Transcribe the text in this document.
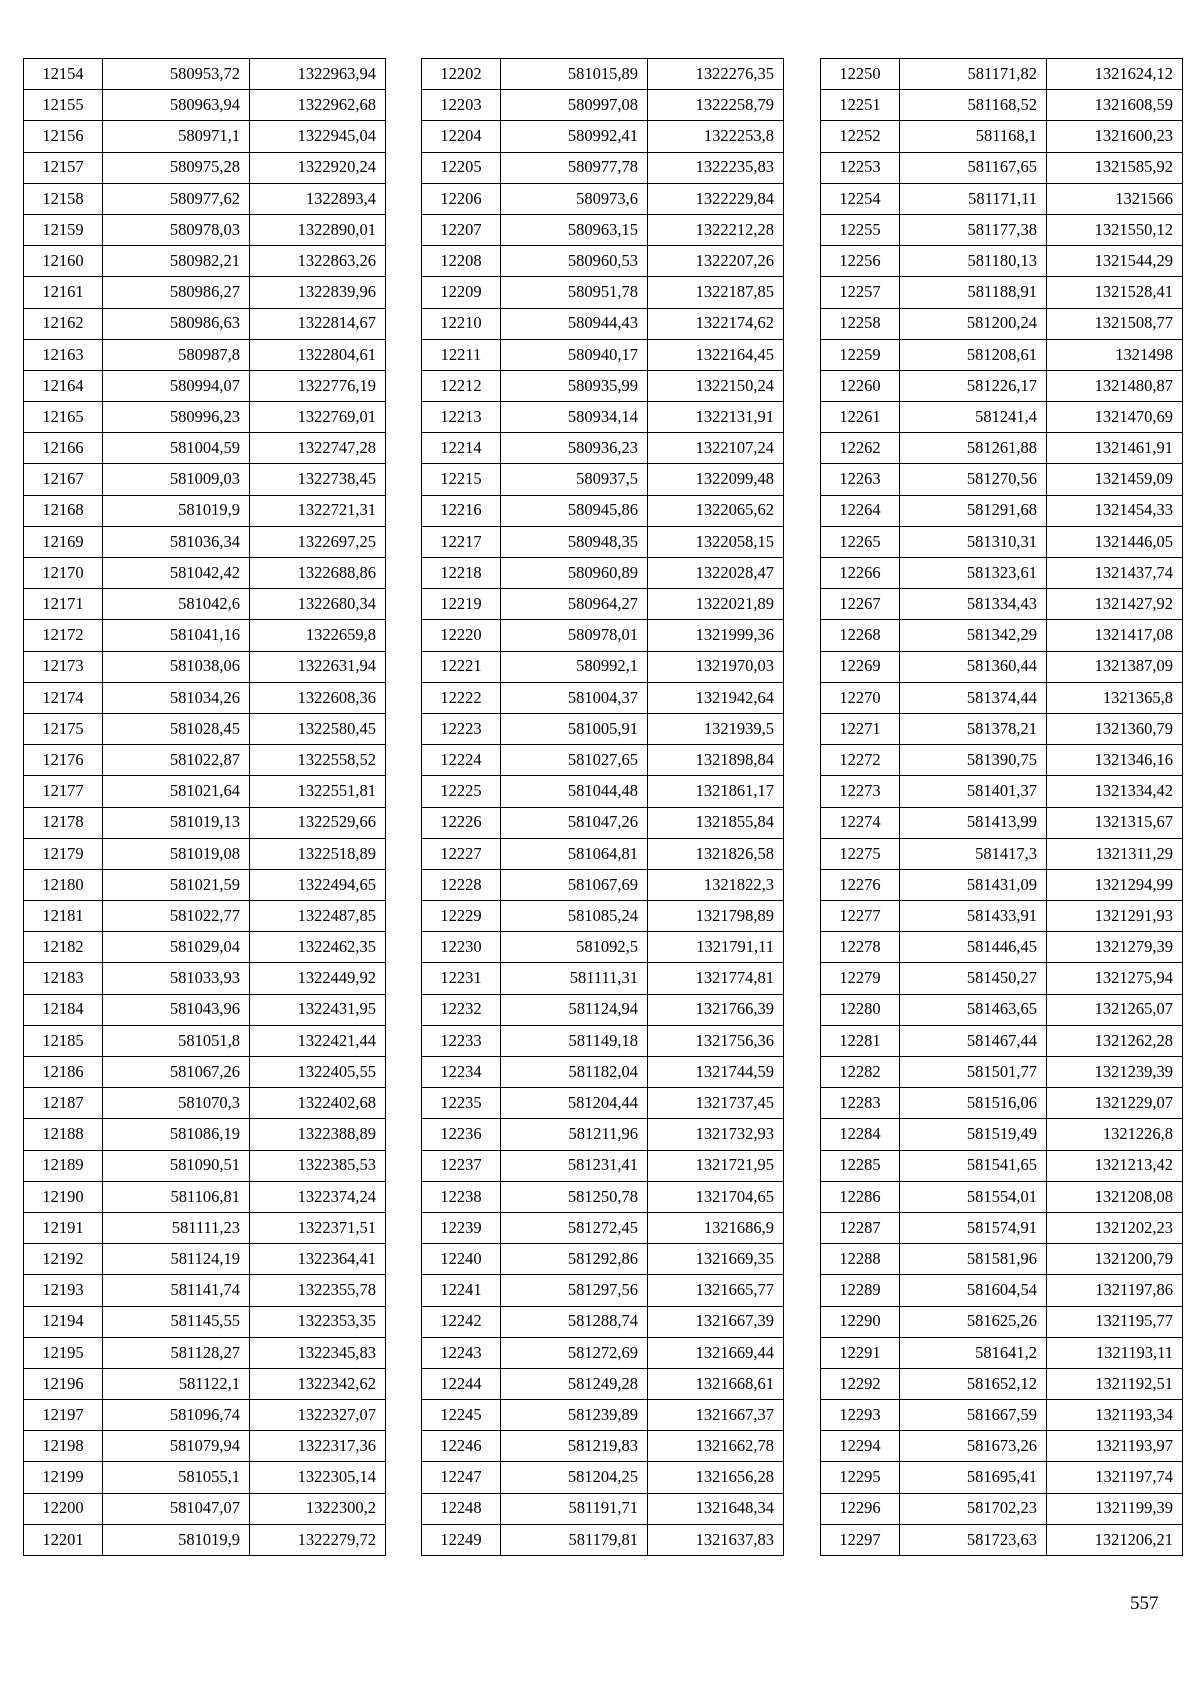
12154	580953,72	1322963,94
12155	580963,94	1322962,68
12156	580971,1	1322945,04
12157	580975,28	1322920,24
12158	580977,62	1322893,4
12159	580978,03	1322890,01
12160	580982,21	1322863,26
12161	580986,27	1322839,96
12162	580986,63	1322814,67
12163	580987,8	1322804,61
12164	580994,07	1322776,19
12165	580996,23	1322769,01
12166	581004,59	1322747,28
12167	581009,03	1322738,45
12168	581019,9	1322721,31
12169	581036,34	1322697,25
12170	581042,42	1322688,86
12171	581042,6	1322680,34
12172	581041,16	1322659,8
12173	581038,06	1322631,94
12174	581034,26	1322608,36
12175	581028,45	1322580,45
12176	581022,87	1322558,52
12177	581021,64	1322551,81
12178	581019,13	1322529,66
12179	581019,08	1322518,89
12180	581021,59	1322494,65
12181	581022,77	1322487,85
12182	581029,04	1322462,35
12183	581033,93	1322449,92
12184	581043,96	1322431,95
12185	581051,8	1322421,44
12186	581067,26	1322405,55
12187	581070,3	1322402,68
12188	581086,19	1322388,89
12189	581090,51	1322385,53
12190	581106,81	1322374,24
12191	581111,23	1322371,51
12192	581124,19	1322364,41
12193	581141,74	1322355,78
12194	581145,55	1322353,35
12195	581128,27	1322345,83
12196	581122,1	1322342,62
12197	581096,74	1322327,07
12198	581079,94	1322317,36
12199	581055,1	1322305,14
12200	581047,07	1322300,2
12201	581019,9	1322279,72
12202	581015,89	1322276,35
12203	580997,08	1322258,79
12204	580992,41	1322253,8
12205	580977,78	1322235,83
12206	580973,6	1322229,84
12207	580963,15	1322212,28
12208	580960,53	1322207,26
12209	580951,78	1322187,85
12210	580944,43	1322174,62
12211	580940,17	1322164,45
12212	580935,99	1322150,24
12213	580934,14	1322131,91
12214	580936,23	1322107,24
12215	580937,5	1322099,48
12216	580945,86	1322065,62
12217	580948,35	1322058,15
12218	580960,89	1322028,47
12219	580964,27	1322021,89
12220	580978,01	1321999,36
12221	580992,1	1321970,03
12222	581004,37	1321942,64
12223	581005,91	1321939,5
12224	581027,65	1321898,84
12225	581044,48	1321861,17
12226	581047,26	1321855,84
12227	581064,81	1321826,58
12228	581067,69	1321822,3
12229	581085,24	1321798,89
12230	581092,5	1321791,11
12231	581111,31	1321774,81
12232	581124,94	1321766,39
12233	581149,18	1321756,36
12234	581182,04	1321744,59
12235	581204,44	1321737,45
12236	581211,96	1321732,93
12237	581231,41	1321721,95
12238	581250,78	1321704,65
12239	581272,45	1321686,9
12240	581292,86	1321669,35
12241	581297,56	1321665,77
12242	581288,74	1321667,39
12243	581272,69	1321669,44
12244	581249,28	1321668,61
12245	581239,89	1321667,37
12246	581219,83	1321662,78
12247	581204,25	1321656,28
12248	581191,71	1321648,34
12249	581179,81	1321637,83
12250	581171,82	1321624,12
12251	581168,52	1321608,59
12252	581168,1	1321600,23
12253	581167,65	1321585,92
12254	581171,11	1321566
12255	581177,38	1321550,12
12256	581180,13	1321544,29
12257	581188,91	1321528,41
12258	581200,24	1321508,77
12259	581208,61	1321498
12260	581226,17	1321480,87
12261	581241,4	1321470,69
12262	581261,88	1321461,91
12263	581270,56	1321459,09
12264	581291,68	1321454,33
12265	581310,31	1321446,05
12266	581323,61	1321437,74
12267	581334,43	1321427,92
12268	581342,29	1321417,08
12269	581360,44	1321387,09
12270	581374,44	1321365,8
12271	581378,21	1321360,79
12272	581390,75	1321346,16
12273	581401,37	1321334,42
12274	581413,99	1321315,67
12275	581417,3	1321311,29
12276	581431,09	1321294,99
12277	581433,91	1321291,93
12278	581446,45	1321279,39
12279	581450,27	1321275,94
12280	581463,65	1321265,07
12281	581467,44	1321262,28
12282	581501,77	1321239,39
12283	581516,06	1321229,07
12284	581519,49	1321226,8
12285	581541,65	1321213,42
12286	581554,01	1321208,08
12287	581574,91	1321202,23
12288	581581,96	1321200,79
12289	581604,54	1321197,86
12290	581625,26	1321195,77
12291	581641,2	1321193,11
12292	581652,12	1321192,51
12293	581667,59	1321193,34
12294	581673,26	1321193,97
12295	581695,41	1321197,74
12296	581702,23	1321199,39
12297	581723,63	1321206,21
557
